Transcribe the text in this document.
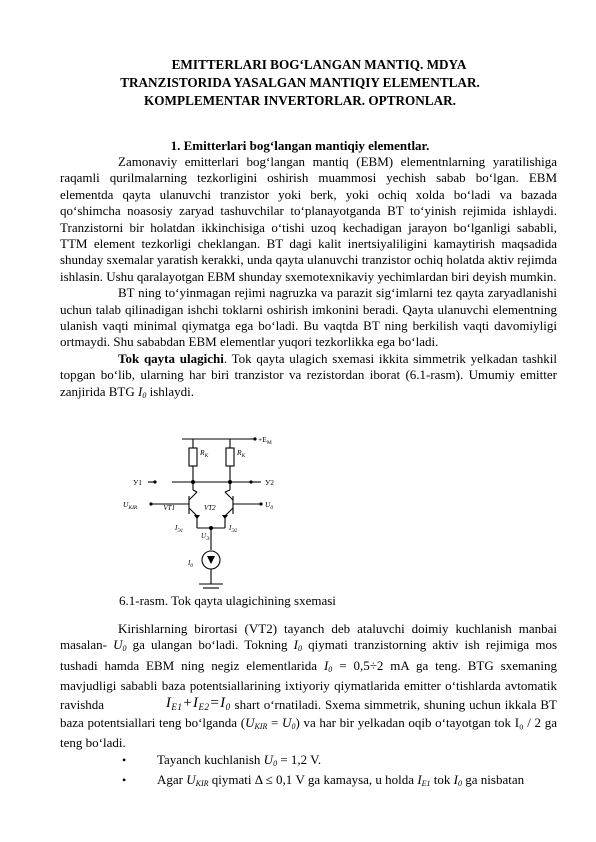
EMITTERLARI BOG‘LANGAN MANTIQ. MDYA
TRANZISTORIDA YASALGAN MANTIQIY ELEMENTLAR.
KOMPLEMENTAR INVERTORLAR. OPTRONLAR.
1. Emitterlari bog‘langan mantiqiy elementlar.

Zamonaviy emitterlari bog‘langan mantiq (EBM) elementnlarning yaratilishiga raqamli qurilmalarning tezkorligini oshirish muammosi yechish sabab bo‘lgan. EBM elementda qayta ulanuvchi tranzistor yoki berk, yoki ochiq xolda bo‘ladi va bazada qo‘shimcha noasosiy zaryad tashuvchilar to‘planayotganda BT to‘yinish rejimida ishlaydi. Tranzistorni bir holatdan ikkinchisiga o‘tishi uzoq kechadigan jarayon bo‘lganligi sababli, TTM element tezkorligi cheklangan. BT dagi kalit inertsiyaliligini kamaytirish maqsadida shunday sxemalar yaratish kerakki, unda qayta ulanuvchi tranzistor ochiq holatda aktiv rejimda ishlasin. Ushu qaralayotgan EBM shunday sxemotexnikaviy yechimlardan biri deyish mumkin.

BT ning to‘yinmagan rejimi nagruzka va parazit sig‘imlarni tez qayta zaryadlanishi uchun talab qilinadigan ishchi toklarni oshirish imkonini beradi. Qayta ulanuvchi elementning ulanish vaqti minimal qiymatga ega bo‘ladi. Bu vaqtda BT ning berkilish vaqti davomiyligi ortmaydi. Shu sababdan EBM elementlar yuqori tezkorlikka ega bo‘ladi.

Tok qayta ulagichi. Tok qayta ulagich sxemasi ikkita simmetrik yelkadan tashkil topgan bo‘lib, ularning har biri tranzistor va rezistordan iborat (6.1-rasm). Umumiy emitter zanjirida BTG $I_0$ ishlaydi.

$+E_M$
$R_K$	$R_K$
У1	У2
$U_{KIR}$	$U_0$
VT1	VT2
$I_{Э1}$	$I_{Э2}$
$U_Э$
$I_0$
6.1-rasm. Tok qayta ulagichining sxemasi

Kirishlarning birortasi (VT2) tayanch deb ataluvchi doimiy kuchlanish manbai masalan- $U_0$ ga ulangan bo‘ladi. Tokning $I_0$ qiymati tranzistorning aktiv ish rejimiga mos tushadi hamda EBM ning negiz elementlarida $I_0 = 0,5\div 2$ mA ga teng. BTG sxemaning mavjudligi sababli baza potentsiallarining ixtiyoriy qiymatlarida emitter o‘tishlarda avtomatik ravishda	$I_{E1}+I_{E2}=I_0$ shart o‘rnatiladi. Sxema simmetrik, shuning uchun ikkala BT baza potentsiallari teng bo‘lganda $(U_{KIR} = U_0)$ va har bir yelkadan oqib o‘tayotgan tok I₀ / 2 ga teng bo‘ladi.

• Tayanch kuchlanish $U_0 = 1,2$ V.
• Agar $U_{KIR}$ qiymati Δ ≤ 0,1 V ga kamaysa, u holda $I_{E1}$ tok $I_0$ ga nisbatan
